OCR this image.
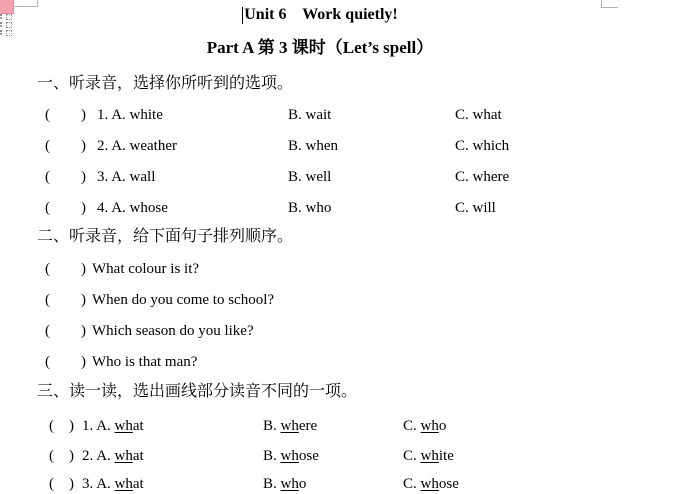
Unit 6    Work quietly!
Part A 第 3 课时（Let’s spell）
一、听录音，选择你所听到的选项。
( ) 1. A. white	B. wait	C. what
( ) 2. A. weather	B. when	C. which
( ) 3. A. wall	B. well	C. where
( ) 4. A. whose	B. who	C. will
二、听录音，给下面句子排列顺序。
( ) What colour is it?
( ) When do you come to school?
( ) Which season do you like?
( ) Who is that man?
三、读一读，选出画线部分读音不同的一项。
( ) 1. A. what	B. where	C. who
( ) 2. A. what	B. whose	C. white
( ) 3. A. what	B. who	C. whose
